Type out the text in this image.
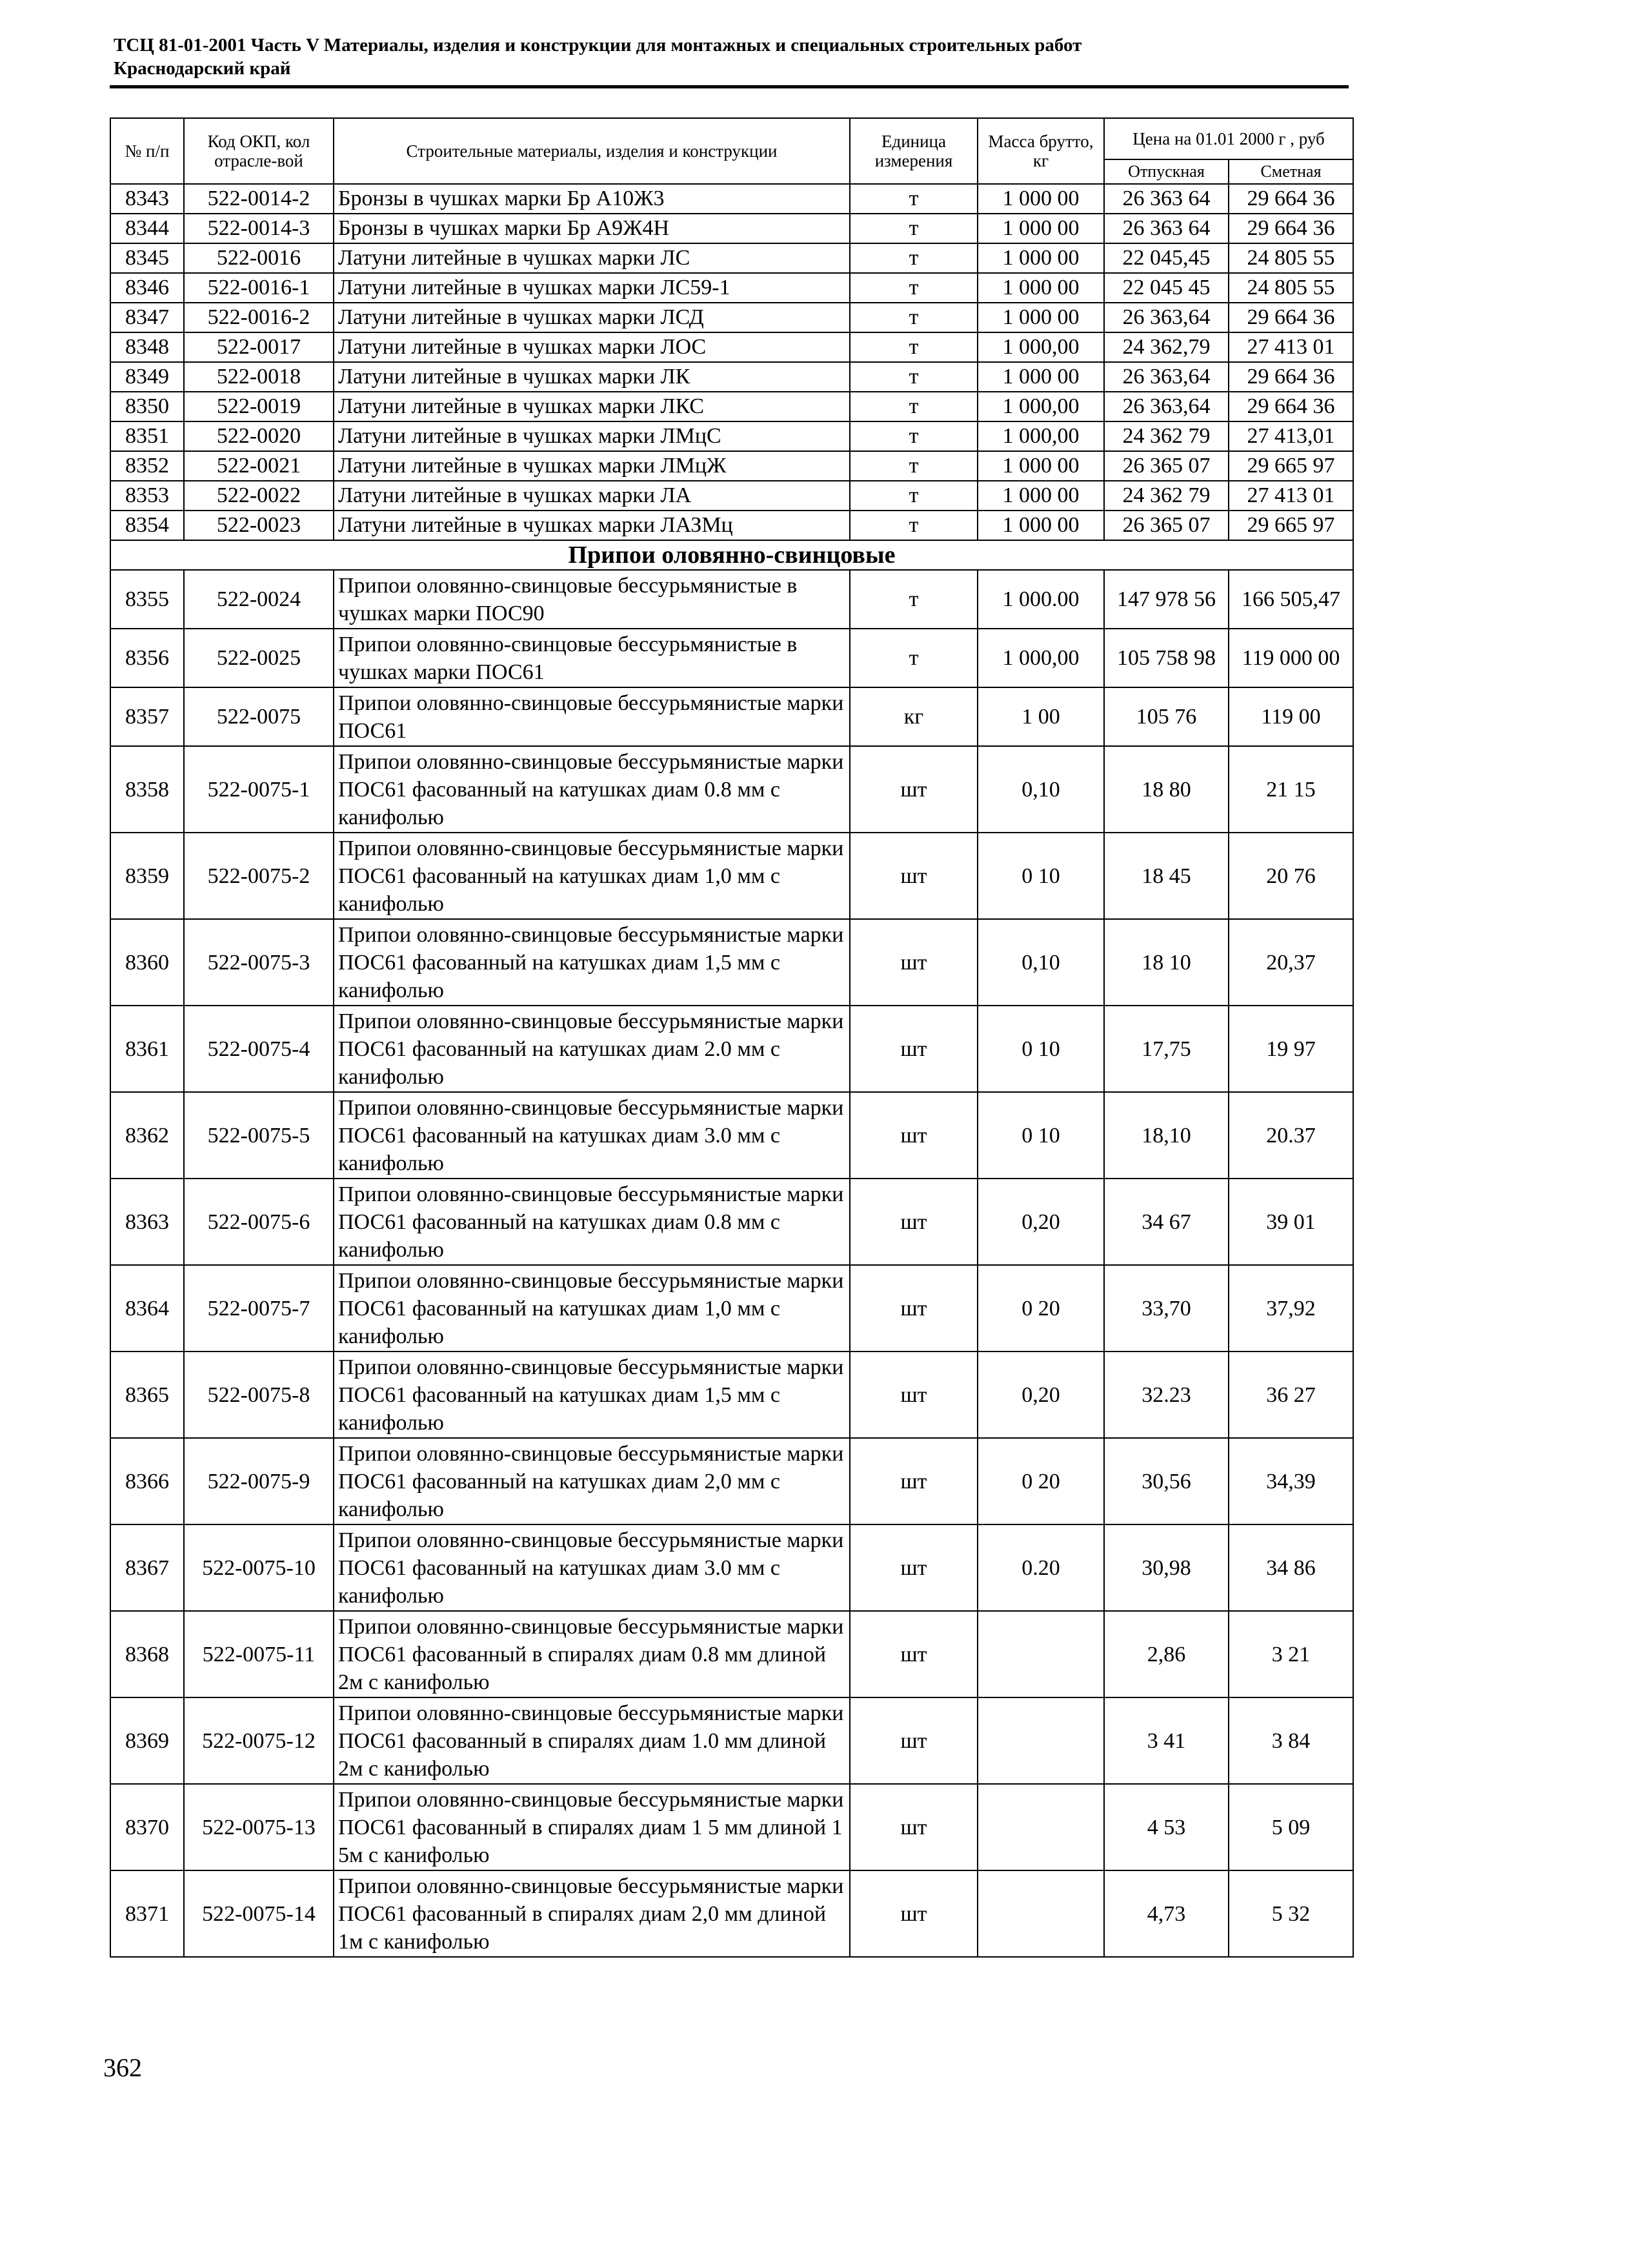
ТСЦ 81-01-2001 Часть V Материалы, изделия и конструкции для монтажных и специальных строительных работ
Краснодарский край
№ п/п	Код ОКП, кол отрасле-вой	Строительные материалы, изделия и конструкции	Единица измерения	Масса брутто, кг	Цена на 01.01 2000 г , руб	
					Отпускная	Сметная
8343	522-0014-2	Бронзы в чушках марки Бр А10Ж3	т	1 000 00	26 363 64	29 664 36
8344	522-0014-3	Бронзы в чушках марки Бр А9Ж4Н	т	1 000 00	26 363 64	29 664 36
8345	522-0016	Латуни литейные в чушках марки ЛС	т	1 000 00	22 045,45	24 805 55
8346	522-0016-1	Латуни литейные в чушках марки ЛС59-1	т	1 000 00	22 045 45	24 805 55
8347	522-0016-2	Латуни литейные в чушках марки ЛСД	т	1 000 00	26 363,64	29 664 36
8348	522-0017	Латуни литейные в чушках марки ЛОС	т	1 000,00	24 362,79	27 413 01
8349	522-0018	Латуни литейные в чушках марки ЛК	т	1 000 00	26 363,64	29 664 36
8350	522-0019	Латуни литейные в чушках марки ЛКС	т	1 000,00	26 363,64	29 664 36
8351	522-0020	Латуни литейные в чушках марки ЛМцС	т	1 000,00	24 362 79	27 413,01
8352	522-0021	Латуни литейные в чушках марки ЛМцЖ	т	1 000 00	26 365 07	29 665 97
8353	522-0022	Латуни литейные в чушках марки ЛА	т	1 000 00	24 362 79	27 413 01
8354	522-0023	Латуни литейные в чушках марки ЛАЗМц	т	1 000 00	26 365 07	29 665 97
Припои оловянно-свинцовые						
8355	522-0024	Припои оловянно-свинцовые бессурьмянистые в чушках марки ПОС90	т	1 000.00	147 978 56	166 505,47
8356	522-0025	Припои оловянно-свинцовые бессурьмянистые в чушках марки ПОС61	т	1 000,00	105 758 98	119 000 00
8357	522-0075	Припои оловянно-свинцовые бессурьмянистые марки ПОС61	кг	1 00	105 76	119 00
8358	522-0075-1	Припои оловянно-свинцовые бессурьмянистые марки ПОС61 фасованный на катушках диам 0.8 мм с канифолью	шт	0,10	18 80	21 15
8359	522-0075-2	Припои оловянно-свинцовые бессурьмянистые марки ПОС61 фасованный на катушках диам 1,0 мм с канифолью	шт	0 10	18 45	20 76
8360	522-0075-3	Припои оловянно-свинцовые бессурьмянистые марки ПОС61 фасованный на катушках диам 1,5 мм с канифолью	шт	0,10	18 10	20,37
8361	522-0075-4	Припои оловянно-свинцовые бессурьмянистые марки ПОС61 фасованный на катушках диам 2.0 мм с канифолью	шт	0 10	17,75	19 97
8362	522-0075-5	Припои оловянно-свинцовые бессурьмянистые марки ПОС61 фасованный на катушках диам 3.0 мм с канифолью	шт	0 10	18,10	20.37
8363	522-0075-6	Припои оловянно-свинцовые бессурьмянистые марки ПОС61 фасованный на катушках диам 0.8 мм с канифолью	шт	0,20	34 67	39 01
8364	522-0075-7	Припои оловянно-свинцовые бессурьмянистые марки ПОС61 фасованный на катушках диам 1,0 мм с канифолью	шт	0 20	33,70	37,92
8365	522-0075-8	Припои оловянно-свинцовые бессурьмянистые марки ПОС61 фасованный на катушках диам 1,5 мм с канифолью	шт	0,20	32.23	36 27
8366	522-0075-9	Припои оловянно-свинцовые бессурьмянистые марки ПОС61 фасованный на катушках диам 2,0 мм с канифолью	шт	0 20	30,56	34,39
8367	522-0075-10	Припои оловянно-свинцовые бессурьмянистые марки ПОС61 фасованный на катушках диам 3.0 мм с канифолью	шт	0.20	30,98	34 86
8368	522-0075-11	Припои оловянно-свинцовые бессурьмянистые марки ПОС61 фасованный в спиралях диам 0.8 мм длиной 2м с канифолью	шт		2,86	3 21
8369	522-0075-12	Припои оловянно-свинцовые бессурьмянистые марки ПОС61 фасованный в спиралях диам 1.0 мм длиной 2м с канифолью	шт		3 41	3 84
8370	522-0075-13	Припои оловянно-свинцовые бессурьмянистые марки ПОС61 фасованный в спиралях диам 1 5 мм длиной 1 5м с канифолью	шт		4 53	5 09
8371	522-0075-14	Припои оловянно-свинцовые бессурьмянистые марки ПОС61 фасованный в спиралях диам 2,0 мм длиной 1м с канифолью	шт		4,73	5 32
362
